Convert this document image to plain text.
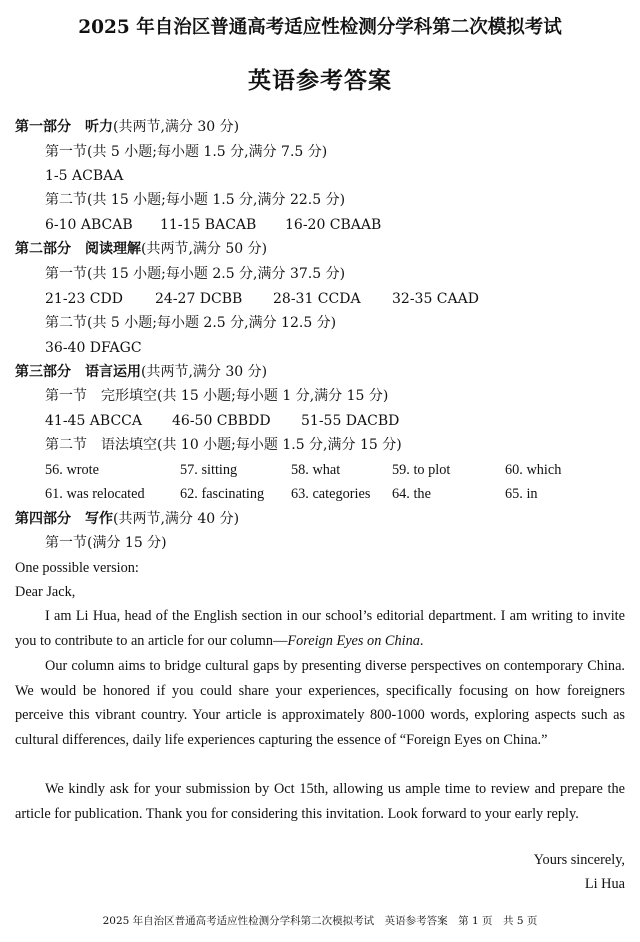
2025 年自治区普通高考适应性检测分学科第二次模拟考试
英语参考答案
第一部分　听力(共两节,满分 30 分)
第一节(共 5 小题;每小题 1.5 分,满分 7.5 分)
1-5 ACBAA
第二节(共 15 小题;每小题 1.5 分,满分 22.5 分)
6-10 ABCAB 11-15 BACAB 16-20 CBAAB
第二部分　阅读理解(共两节,满分 50 分)
第一节(共 15 小题;每小题 2.5 分,满分 37.5 分)
21-23 CDD 24-27 DCBB 28-31 CCDA 32-35 CAAD
第二节(共 5 小题;每小题 2.5 分,满分 12.5 分)
36-40 DFAGC
第三部分　语言运用(共两节,满分 30 分)
第一节　完形填空(共 15 小题;每小题 1 分,满分 15 分)
41-45 ABCCA 46-50 CBBDD 51-55 DACBD
第二节　语法填空(共 10 小题;每小题 1.5 分,满分 15 分)
56. wrote	57. sitting	58. what	59. to plot	60. which
61. was relocated 62. fascinating 63. categories 64. the	65. in
第四部分　写作(共两节,满分 40 分)
第一节(满分 15 分)
One possible version:
Dear Jack,
I am Li Hua, head of the English section in our school’s editorial department. I am writing to invite you to contribute to an article for our column—Foreign Eyes on China.
Our column aims to bridge cultural gaps by presenting diverse perspectives on contemporary China. We would be honored if you could share your experiences, specifically focusing on how foreigners perceive this vibrant country. Your article is approximately 800-1000 words, exploring aspects such as cultural differences, daily life experiences capturing the essence of “Foreign Eyes on China.”
We kindly ask for your submission by Oct 15th, allowing us ample time to review and prepare the article for publication. Thank you for considering this invitation. Look forward to your early reply.
Yours sincerely,
Li Hua
2025 年自治区普通高考适应性检测分学科第二次模拟考试　英语参考答案　第 1 页　共 5 页
